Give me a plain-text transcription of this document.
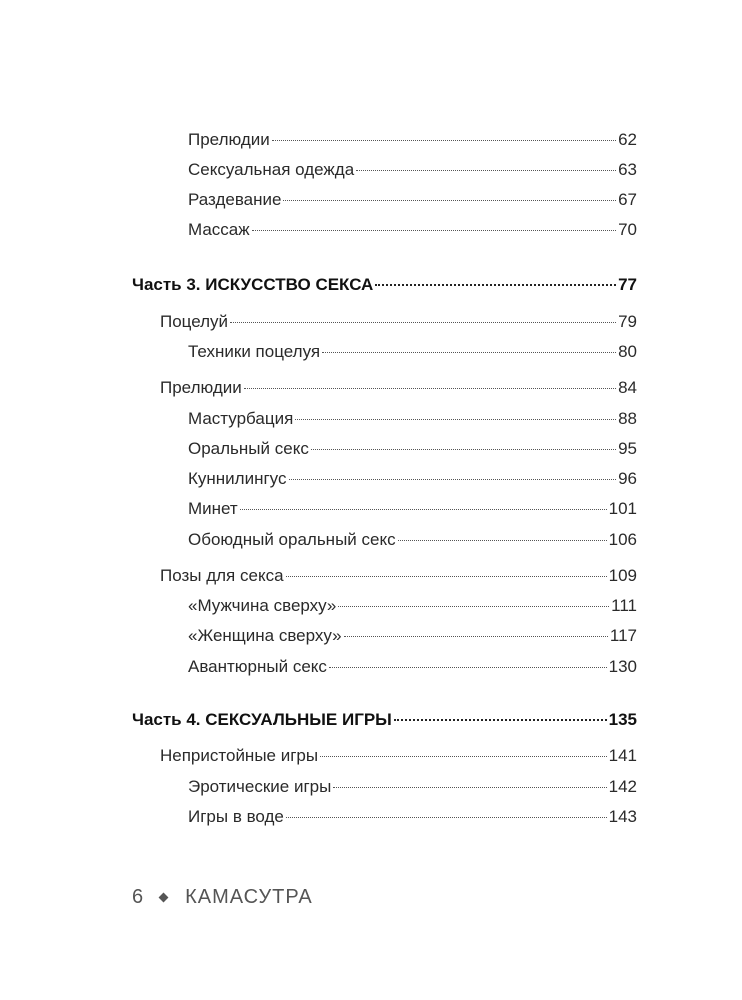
Прелюдии	62
Сексуальная одежда	63
Раздевание	67
Массаж	70
Часть 3. ИСКУССТВО СЕКСА	77
Поцелуй	79
Техники поцелуя	80
Прелюдии	84
Мастурбация	88
Оральный секс	95
Куннилингус	96
Минет	101
Обоюдный оральный секс	106
Позы для секса	109
«Мужчина сверху»	111
«Женщина сверху»	117
Авантюрный секс	130
Часть 4. СЕКСУАЛЬНЫЕ ИГРЫ	135
Непристойные игры	141
Эротические игры	142
Игры в воде	143
6 КАМАСУТРА
